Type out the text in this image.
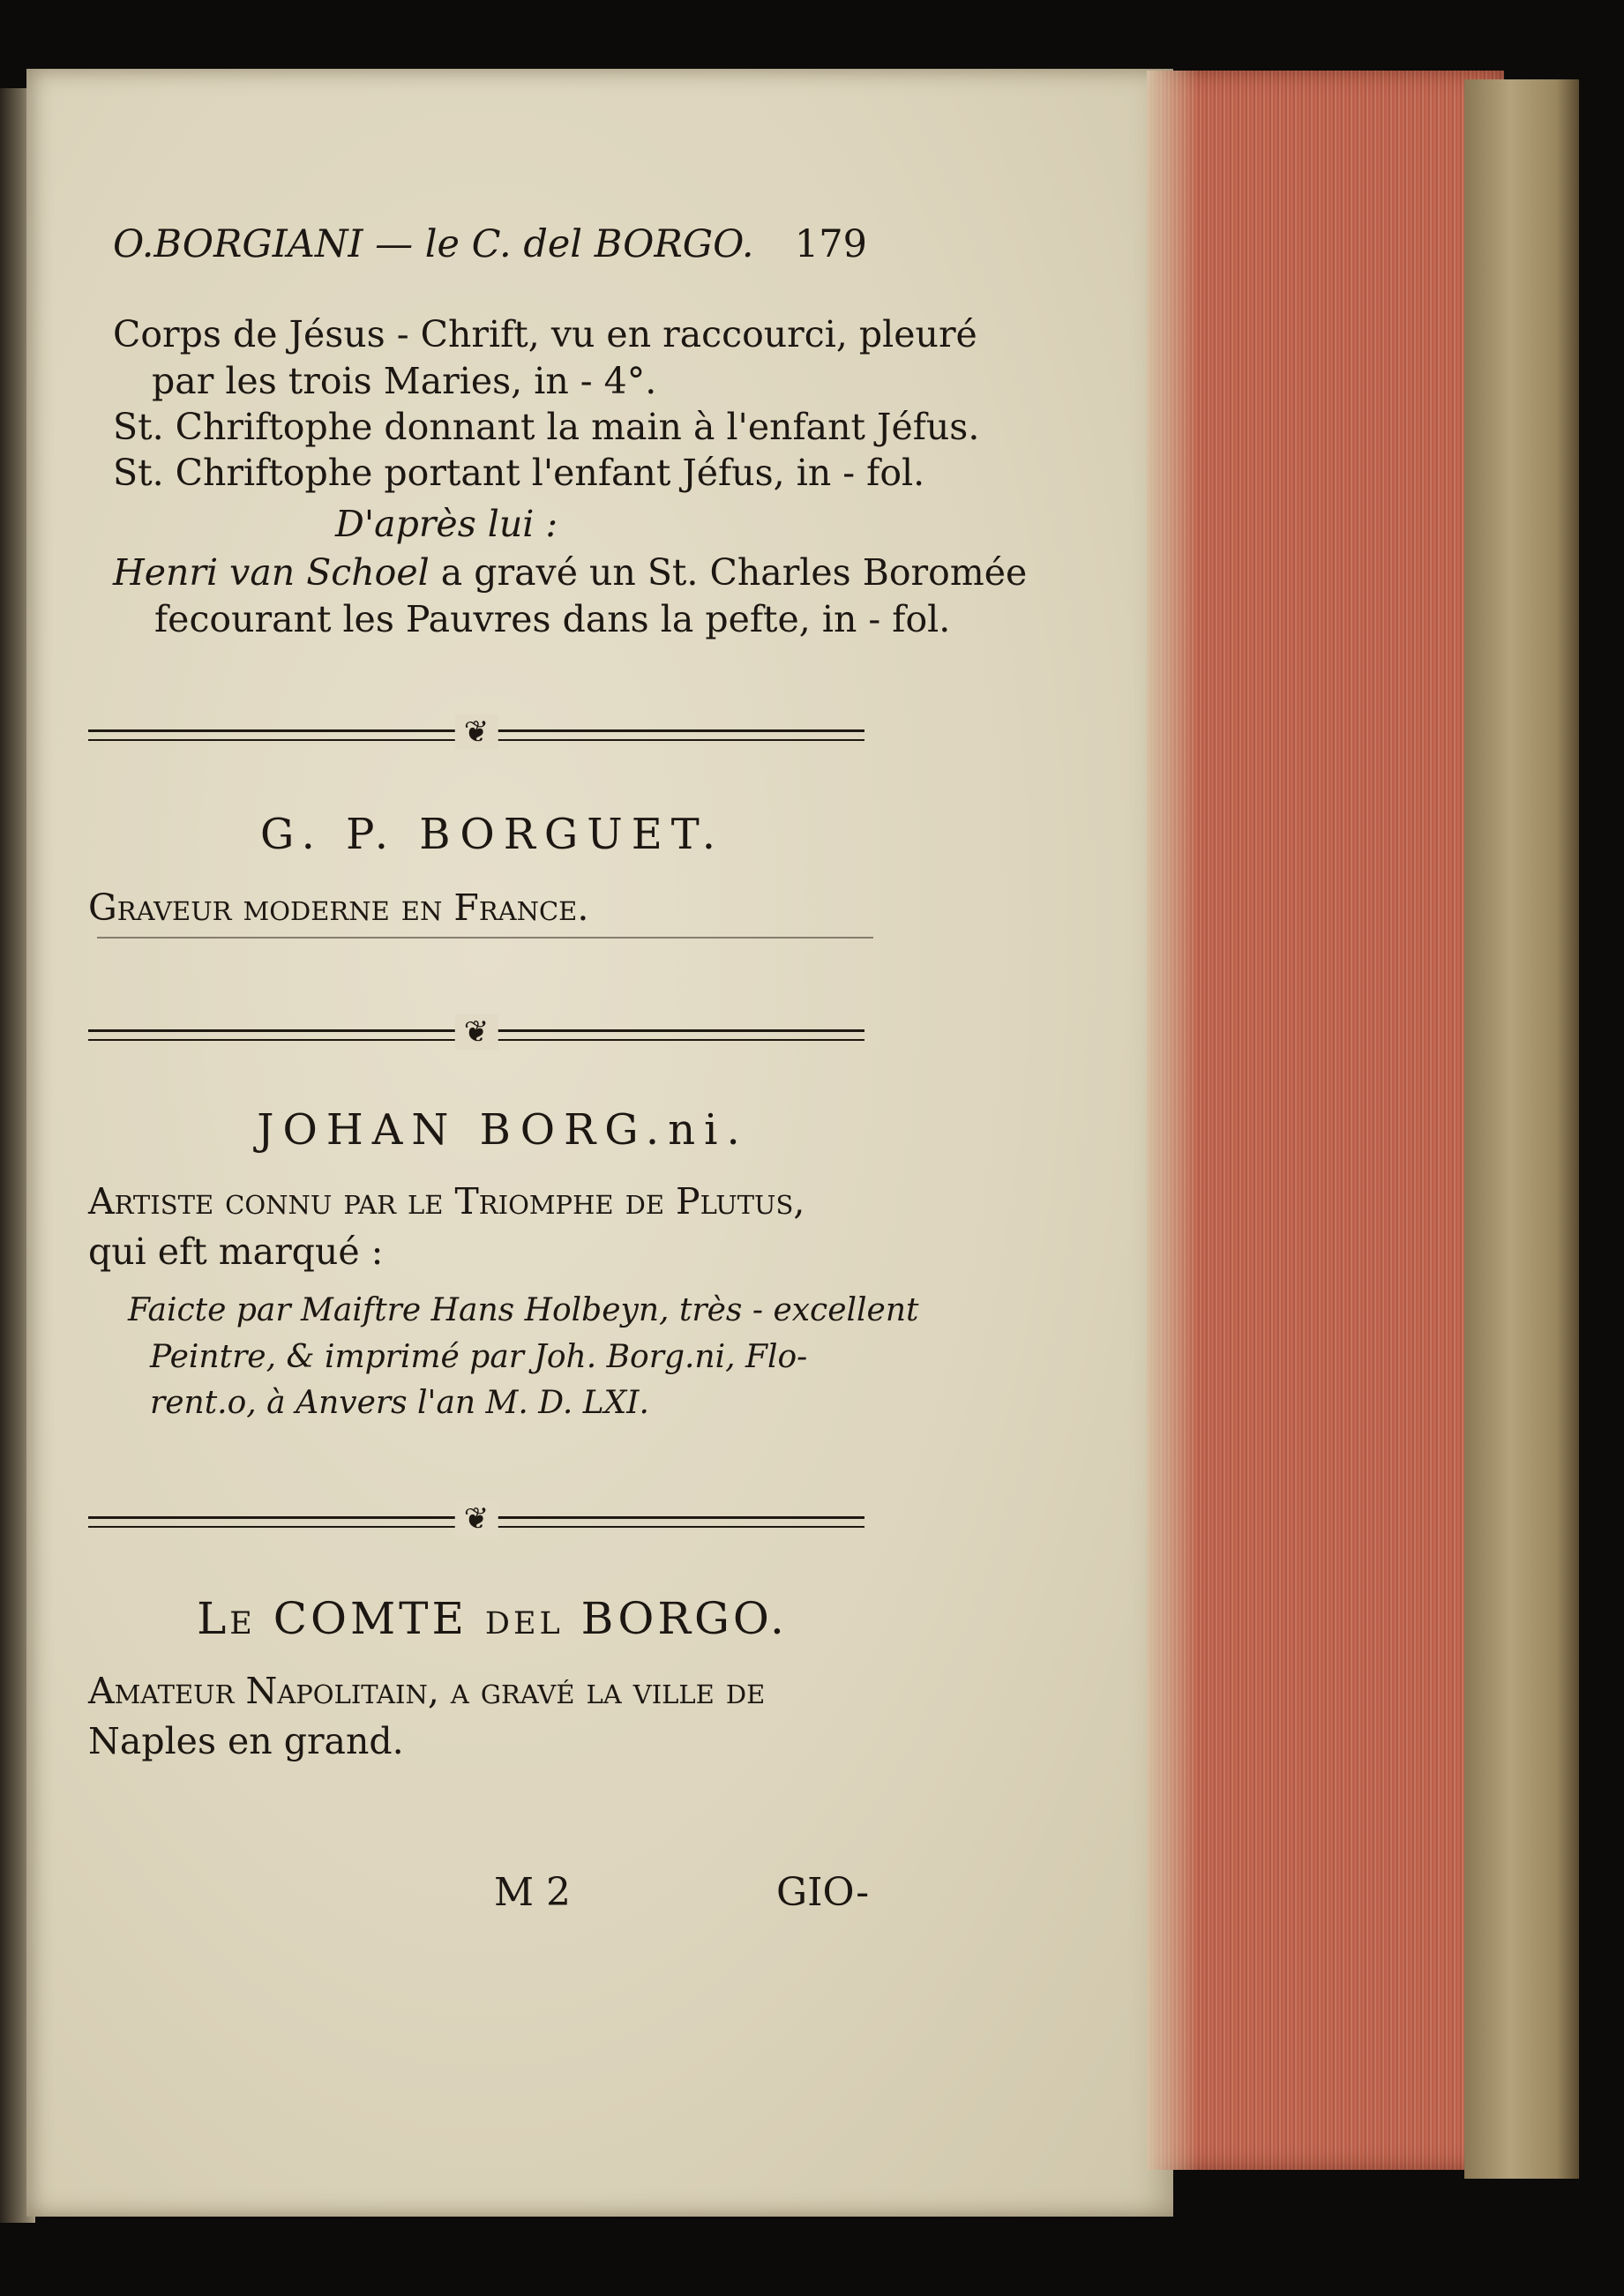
O.BORGIANI — le C. del BORGO. 179
Corps de Jésus - Chrift, vu en raccourci, pleuré
par les trois Maries, in - 4°.
St. Chriftophe donnant la main à l'enfant Jéfus.
St. Chriftophe portant l'enfant Jéfus, in - fol.
D'après lui :
Henri van Schoel a gravé un St. Charles Boromée
fecourant les Pauvres dans la pefte, in - fol.
❦
G. P. BORGUET.
Graveur moderne en France.
❦
JOHAN BORG.ni.
Artiste connu par le Triomphe de Plutus,
qui eft marqué :
Faicte par Maiftre Hans Holbeyn, très - excellent
Peintre, & imprimé par Joh. Borg.ni, Flo-
rent.o, à Anvers l'an M. D. LXI.
❦
Le COMTE del BORGO.
Amateur Napolitain, a gravé la ville de
Naples en grand.
M 2	GIO-
